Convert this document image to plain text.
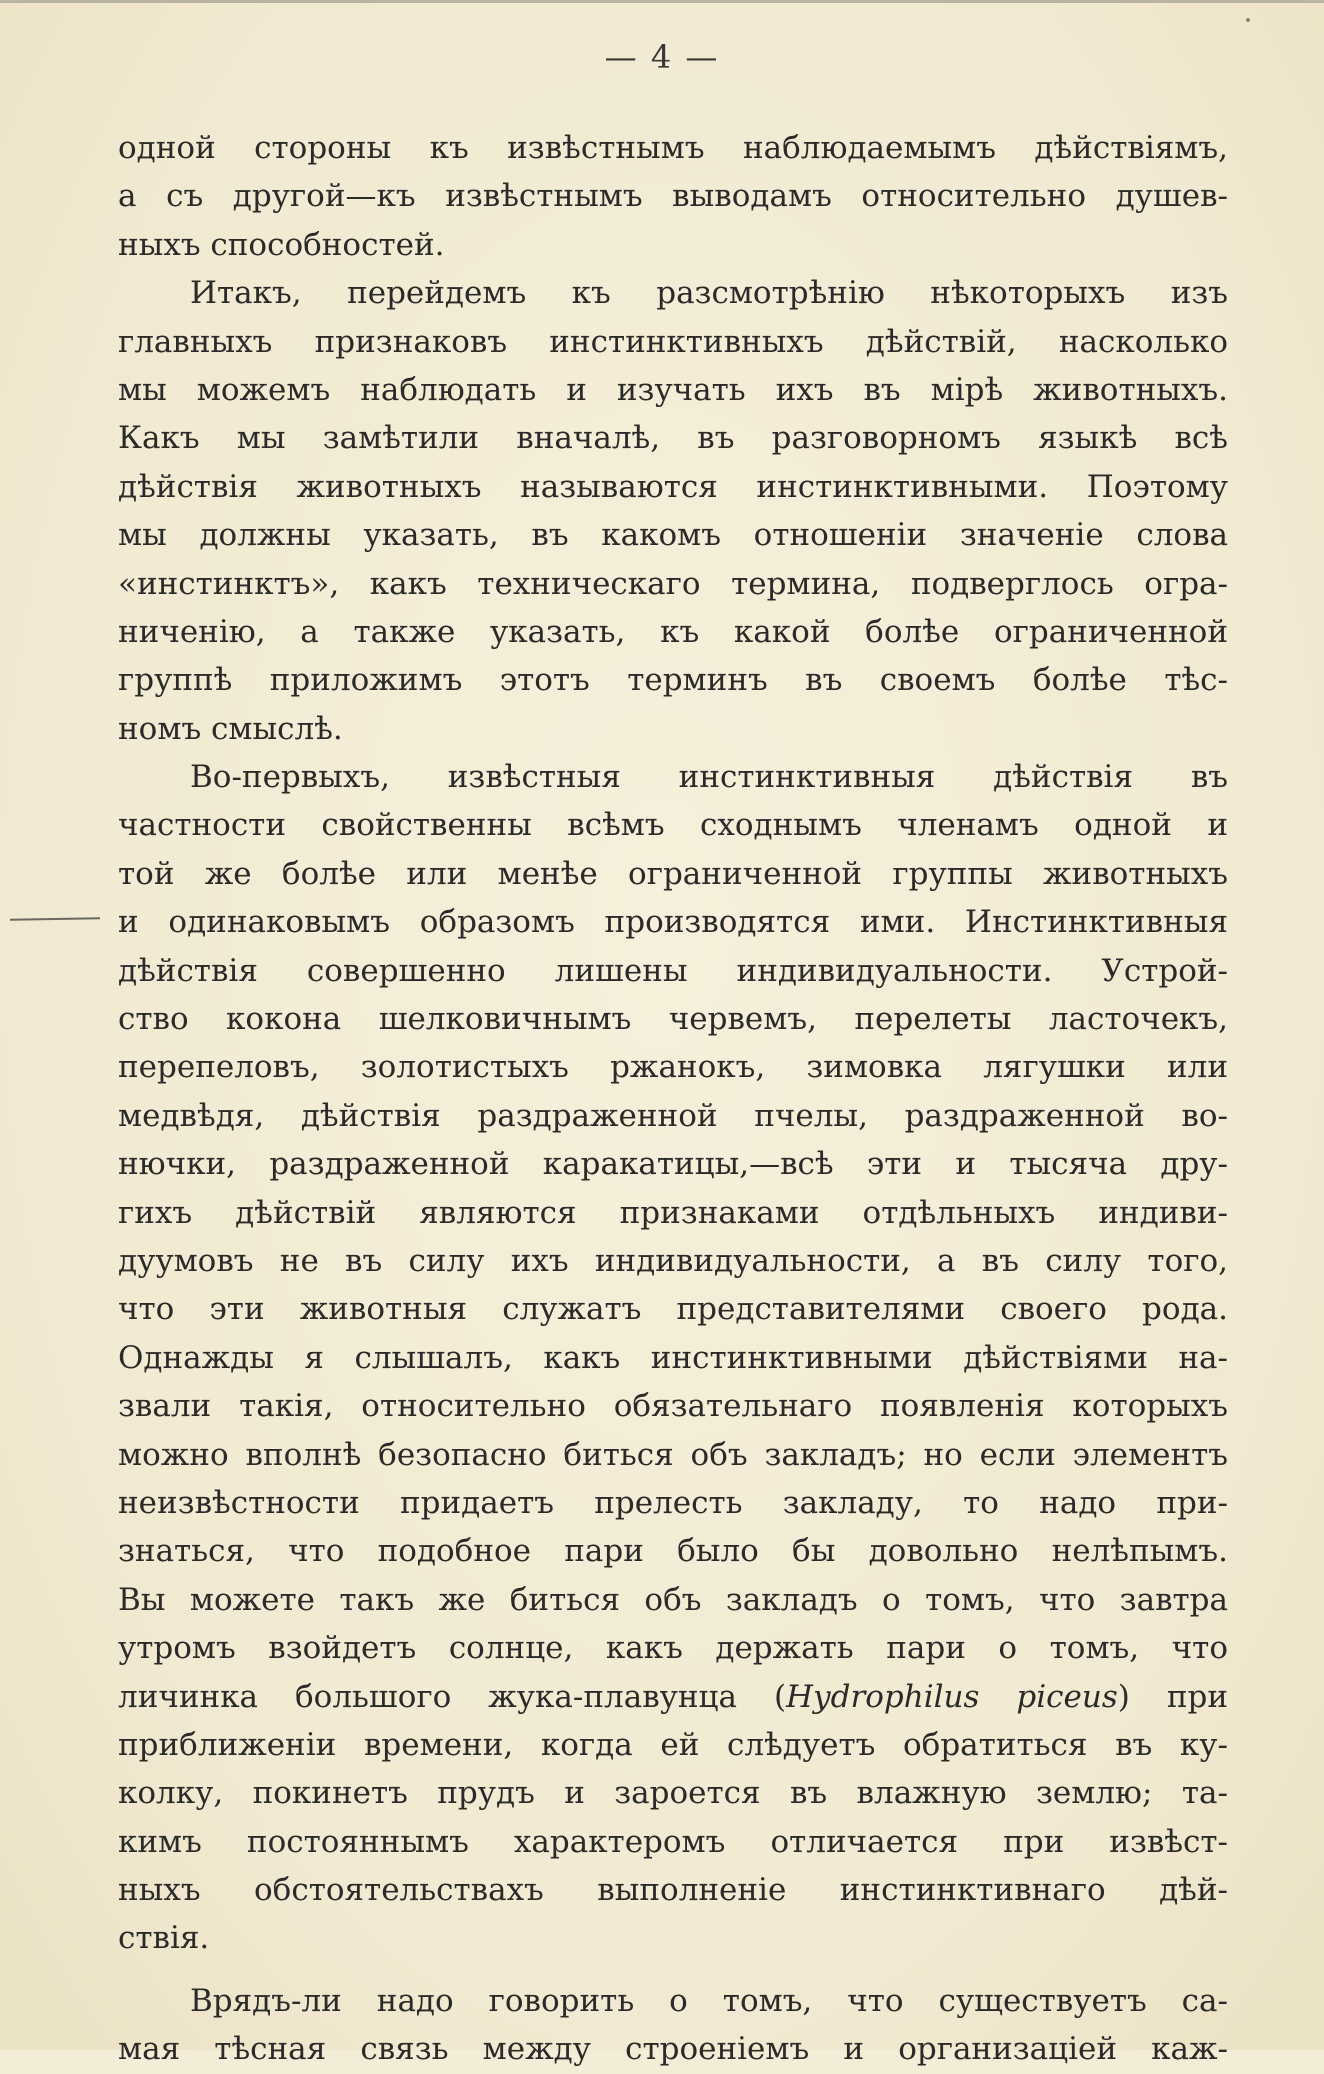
— 4 —
одной стороны къ извѣстнымъ наблюдаемымъ дѣйствіямъ,
а съ другой—къ извѣстнымъ выводамъ относительно душев-
ныхъ способностей.
Итакъ, перейдемъ къ разсмотрѣнію нѣкоторыхъ изъ
главныхъ признаковъ инстинктивныхъ дѣйствій, насколько
мы можемъ наблюдать и изучать ихъ въ мірѣ животныхъ.
Какъ мы замѣтили вначалѣ, въ разговорномъ языкѣ всѣ
дѣйствія животныхъ называются инстинктивными. Поэтому
мы должны указать, въ какомъ отношеніи значеніе слова
«инстинктъ», какъ техническаго термина, подверглось огра-
ниченію, а также указать, къ какой болѣе ограниченной
группѣ приложимъ этотъ терминъ въ своемъ болѣе тѣс-
номъ смыслѣ.
Во-первыхъ, извѣстныя инстинктивныя дѣйствія въ
частности свойственны всѣмъ сходнымъ членамъ одной и
той же болѣе или менѣе ограниченной группы животныхъ
и одинаковымъ образомъ производятся ими. Инстинктивныя
дѣйствія совершенно лишены индивидуальности. Устрой-
ство кокона шелковичнымъ червемъ, перелеты ласточекъ,
перепеловъ, золотистыхъ ржанокъ, зимовка лягушки или
медвѣдя, дѣйствія раздраженной пчелы, раздраженной во-
нючки, раздраженной каракатицы,—всѣ эти и тысяча дру-
гихъ дѣйствій являются признаками отдѣльныхъ индиви-
дуумовъ не въ силу ихъ индивидуальности, а въ силу того,
что эти животныя служатъ представителями своего рода.
Однажды я слышалъ, какъ инстинктивными дѣйствіями на-
звали такія, относительно обязательнаго появленія которыхъ
можно вполнѣ безопасно биться объ закладъ; но если элементъ
неизвѣстности придаетъ прелесть закладу, то надо при-
знаться, что подобное пари было бы довольно нелѣпымъ.
Вы можете такъ же биться объ закладъ о томъ, что завтра
утромъ взойдетъ солнце, какъ держать пари о томъ, что
личинка большого жука-плавунца (Hydrophilus piceus) при
приближеніи времени, когда ей слѣдуетъ обратиться въ ку-
колку, покинетъ прудъ и зароется въ влажную землю; та-
кимъ постояннымъ характеромъ отличается при извѣст-
ныхъ обстоятельствахъ выполненіе инстинктивнаго дѣй-
ствія.
Врядъ-ли надо говорить о томъ, что существуетъ са-
мая тѣсная связь между строеніемъ и организаціей каж-
